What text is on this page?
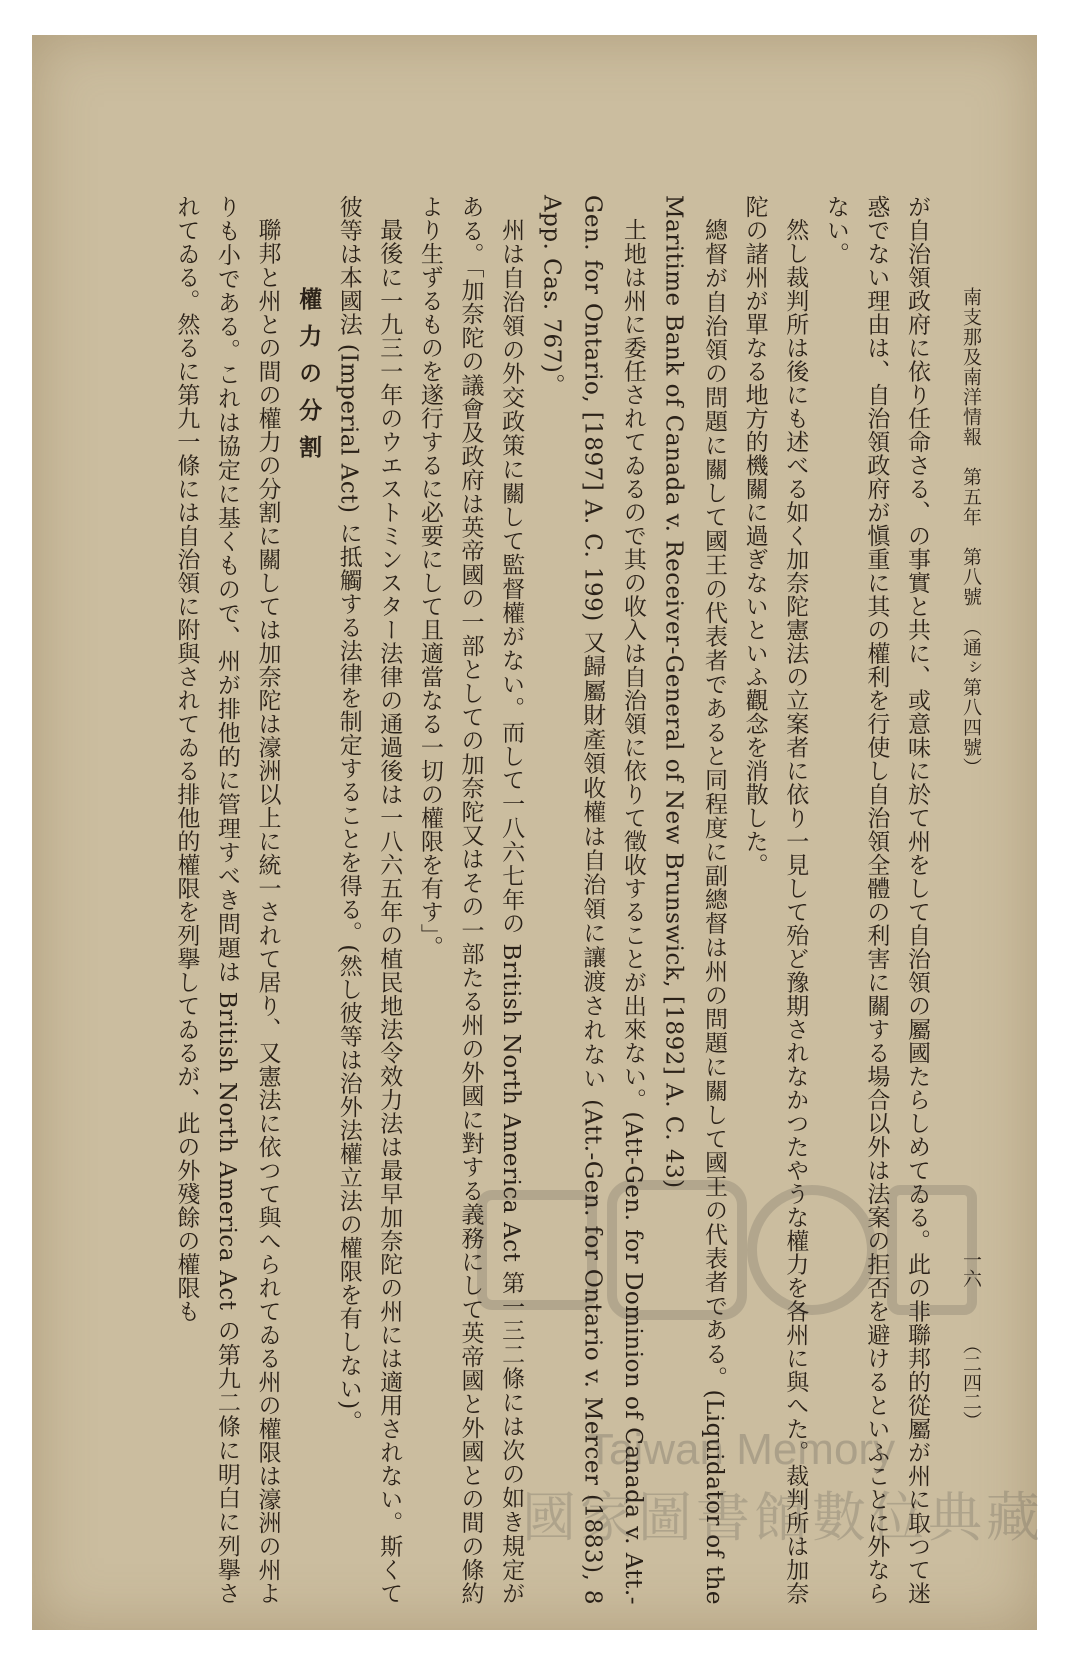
南支那及南洋情報　第五年　第八號　（通ㇱ第八四號）
一六
（二四二）

が自治領政府に依り任命さる、の事實と共に、或意味に於て州をして自治領の屬國たらしめてゐる。此の非聯邦的從屬が州に取つて迷惑でない理由は、自治領政府が愼重に其の權利を行使し自治領全體の利害に關する場合以外は法案の拒否を避けるといふことに外ならない。

然し裁判所は後にも述べる如く加奈陀憲法の立案者に依り一見して殆ど豫期されなかつたやうな權力を各州に與へた。裁判所は加奈陀の諸州が單なる地方的機關に過ぎないといふ觀念を消散した。

總督が自治領の問題に關して國王の代表者であると同程度に副總督は州の問題に關して國王の代表者である。(Liquidator of the Maritime Bank of Canada v. Receiver-General of New Brunswick, [1892] A. C. 43)

土地は州に委任されてゐるので其の收入は自治領に依りて徵收することが出來ない。(Att-Gen. for Dominion of Canada v. Att.-Gen. for Ontario, [1897] A. C. 199) 又歸屬財產領收權は自治領に讓渡されない (Att.-Gen. for Ontario v. Mercer (1883), 8 App. Cas. 767)。

州は自治領の外交政策に關して監督權がない。而して一八六七年の British North America Act 第一三二條には次の如き規定がある。「加奈陀の議會及政府は英帝國の一部としての加奈陀又はその一部たる州の外國に對する義務にして英帝國と外國との間の條約より生ずるものを遂行するに必要にして且適當なる一切の權限を有す」。

最後に一九三一年のウエストミンスター法律の通過後は一八六五年の植民地法令效力法は最早加奈陀の州には適用されない。斯くて彼等は本國法 (Imperial Act) に抵觸する法律を制定することを得る。(然し彼等は治外法權立法の權限を有しない)。

權力の分割

聯邦と州との間の權力の分割に關しては加奈陀は濠洲以上に統一されて居り、又憲法に依つて與へられてゐる州の權限は濠洲の州よりも小である。これは協定に基くもので、州が排他的に管理すべき問題は British North America Act の第九二條に明白に列擧されてゐる。然るに第九一條には自治領に附與されてゐる排他的權限を列擧してゐるが、此の外殘餘の權限も

Taiwan Memory
國家圖書館數位典藏
